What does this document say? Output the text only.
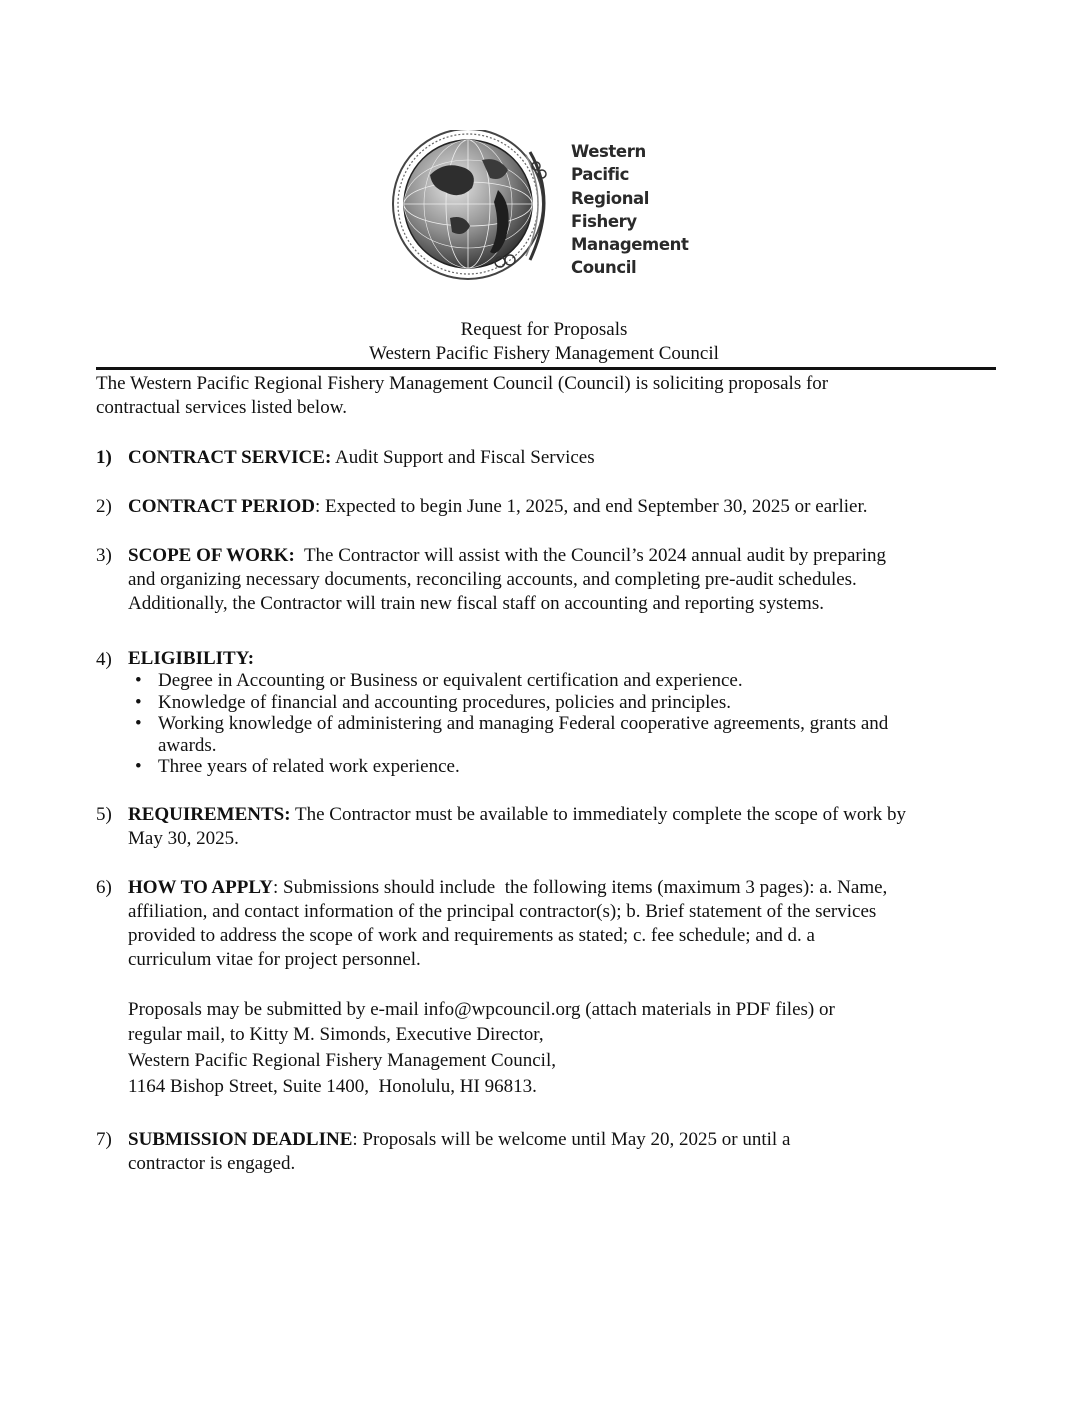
Western
Pacific
Regional
Fishery
Management
Council
Request for Proposals
Western Pacific Fishery Management Council
The Western Pacific Regional Fishery Management Council (Council) is soliciting proposals for
contractual services listed below.
1) CONTRACT SERVICE: Audit Support and Fiscal Services
2) CONTRACT PERIOD: Expected to begin June 1, 2025, and end September 30, 2025 or earlier.
3) SCOPE OF WORK:  The Contractor will assist with the Council’s 2024 annual audit by preparing
and organizing necessary documents, reconciling accounts, and completing pre-audit schedules.
Additionally, the Contractor will train new fiscal staff on accounting and reporting systems.
4) ELIGIBILITY:
• Degree in Accounting or Business or equivalent certification and experience.
• Knowledge of financial and accounting procedures, policies and principles.
• Working knowledge of administering and managing Federal cooperative agreements, grants and
awards.
• Three years of related work experience.
5) REQUIREMENTS: The Contractor must be available to immediately complete the scope of work by
May 30, 2025.
6) HOW TO APPLY: Submissions should include  the following items (maximum 3 pages): a. Name,
affiliation, and contact information of the principal contractor(s); b. Brief statement of the services
provided to address the scope of work and requirements as stated; c. fee schedule; and d. a
curriculum vitae for project personnel.
Proposals may be submitted by e-mail info@wpcouncil.org (attach materials in PDF files) or
regular mail, to Kitty M. Simonds, Executive Director,
Western Pacific Regional Fishery Management Council,
1164 Bishop Street, Suite 1400,  Honolulu, HI 96813.
7) SUBMISSION DEADLINE: Proposals will be welcome until May 20, 2025 or until a
contractor is engaged.
